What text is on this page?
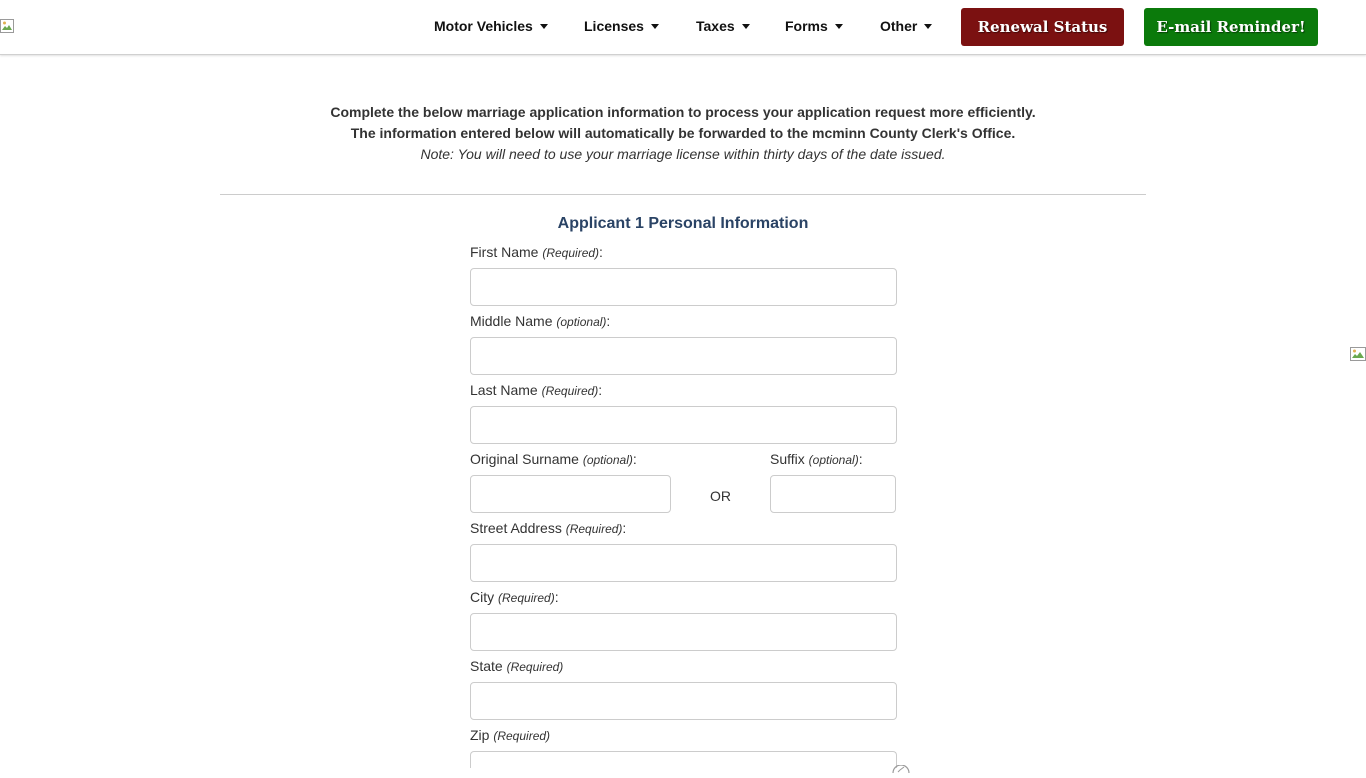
Motor Vehicles	Licenses	Taxes	Forms	Other	Renewal Status	E-mail Reminder!
Complete the below marriage application information to process your application request more efficiently.
The information entered below will automatically be forwarded to the mcminn County Clerk's Office.
Note: You will need to use your marriage license within thirty days of the date issued.
Applicant 1 Personal Information
First Name (Required):
Middle Name (optional):
Last Name (Required):
Original Surname (optional):
OR
Suffix (optional):
Street Address (Required):
City (Required):
State (Required)
Zip (Required)
